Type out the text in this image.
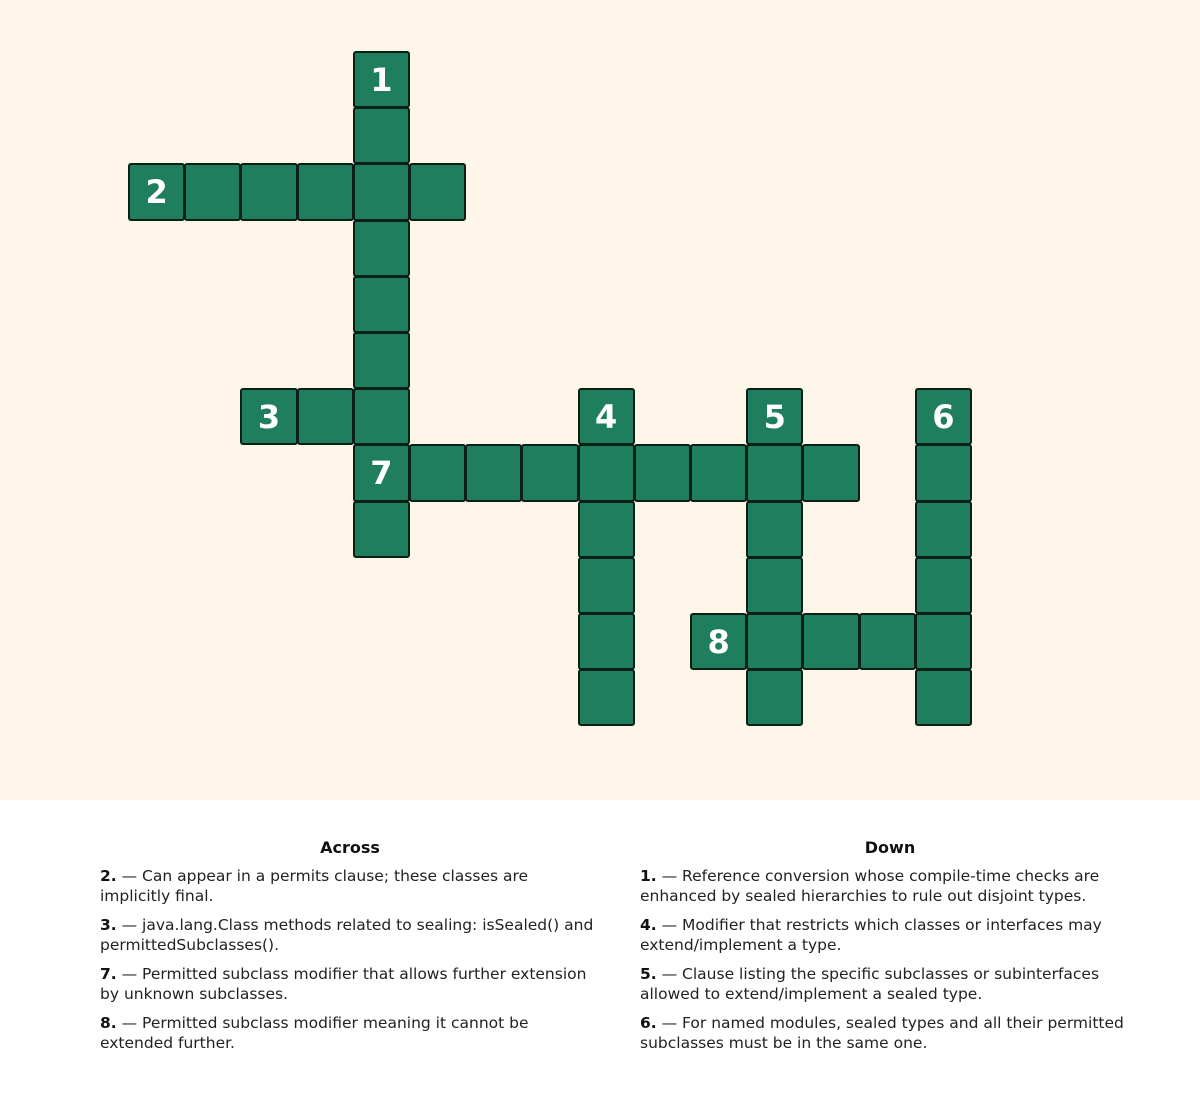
1
7
2
3	4	5	6
8
Across
2. — Can appear in a permits clause; these classes are implicitly final.
3. — java.lang.Class methods related to sealing: isSealed() and permittedSubclasses().
7. — Permitted subclass modifier that allows further extension by unknown subclasses.
8. — Permitted subclass modifier meaning it cannot be extended further.
Down
1. — Reference conversion whose compile-time checks are enhanced by sealed hierarchies to rule out disjoint types.
4. — Modifier that restricts which classes or interfaces may extend/implement a type.
5. — Clause listing the specific subclasses or subinterfaces allowed to extend/implement a sealed type.
6. — For named modules, sealed types and all their permitted subclasses must be in the same one.
